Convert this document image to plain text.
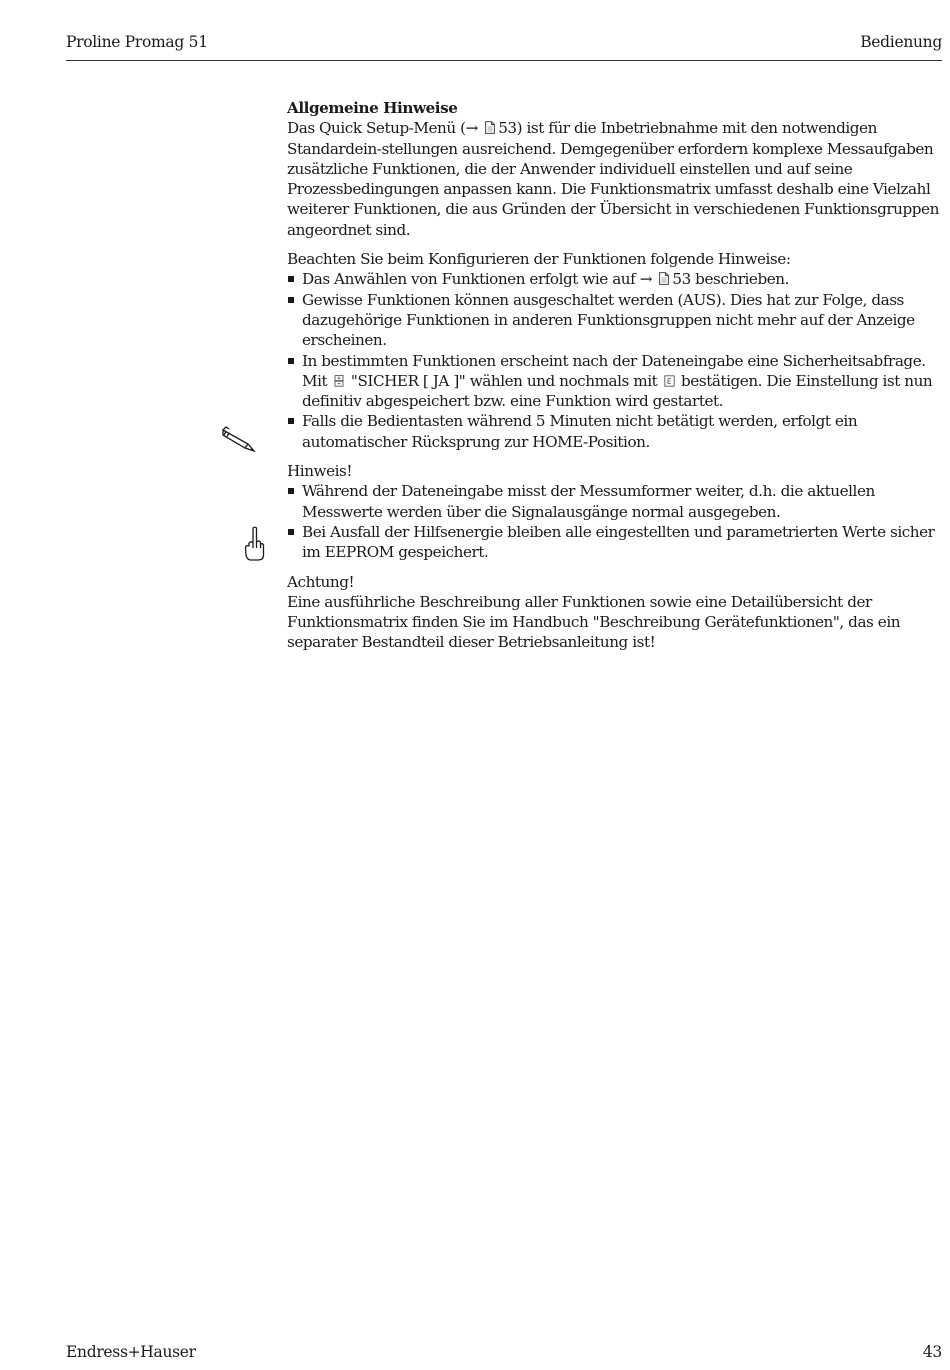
Proline Promag 51	Bedienung

Allgemeine Hinweise

Das Quick Setup-Menü (→ 53) ist für die Inbetriebnahme mit den notwendigen Standardein-stellungen ausreichend. Demgegenüber erfordern komplexe Messaufgaben zusätzliche Funktionen, die der Anwender individuell einstellen und auf seine Prozessbedingungen anpassen kann. Die Funktionsmatrix umfasst deshalb eine Vielzahl weiterer Funktionen, die aus Gründen der Übersicht in verschiedenen Funktionsgruppen angeordnet sind.

Beachten Sie beim Konfigurieren der Funktionen folgende Hinweise:

Das Anwählen von Funktionen erfolgt wie auf → 53 beschrieben.
Gewisse Funktionen können ausgeschaltet werden (AUS). Dies hat zur Folge, dass dazugehörige Funktionen in anderen Funktionsgruppen nicht mehr auf der Anzeige erscheinen.
In bestimmten Funktionen erscheint nach der Dateneingabe eine Sicherheitsabfrage.
Mit  "SICHER [ JA ]" wählen und nochmals mit  bestätigen. Die Einstellung ist nun definitiv abgespeichert bzw. eine Funktion wird gestartet.
Falls die Bedientasten während 5 Minuten nicht betätigt werden, erfolgt ein automatischer Rücksprung zur HOME-Position.

Hinweis!

Während der Dateneingabe misst der Messumformer weiter, d.h. die aktuellen Messwerte werden über die Signalausgänge normal ausgegeben.
Bei Ausfall der Hilfsenergie bleiben alle eingestellten und parametrierten Werte sicher im EEPROM gespeichert.

Achtung!

Eine ausführliche Beschreibung aller Funktionen sowie eine Detailübersicht der Funktionsmatrix finden Sie im Handbuch "Beschreibung Gerätefunktionen", das ein separater Bestandteil dieser Betriebsanleitung ist!

Endress+Hauser	43
